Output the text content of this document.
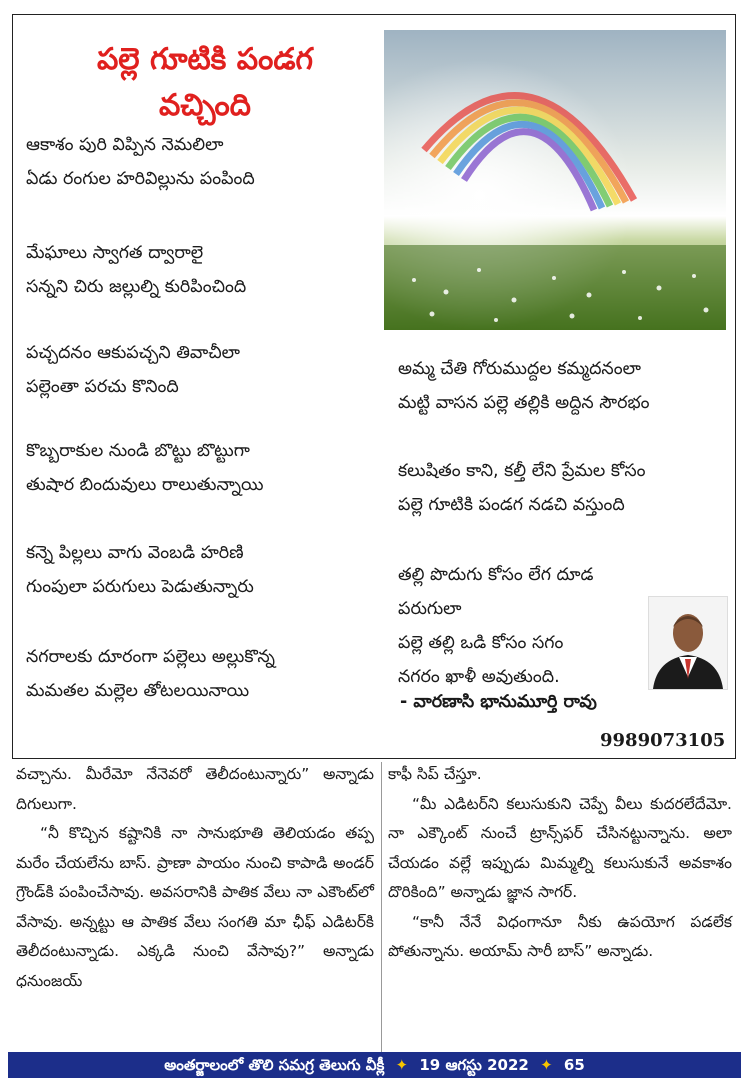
పల్లె గూటికి పండగ
వచ్చింది
ఆకాశం పురి విప్పిన నెమలిలా
ఏడు రంగుల హరివిల్లును పంపింది
మేఘాలు స్వాగత ద్వారాలై
సన్నని చిరు జల్లుల్ని కురిపించింది
పచ్చదనం ఆకుపచ్చని తివాచీలా
పల్లెంతా పరచు కొనింది
కొబ్బరాకుల నుండి బొట్టు బొట్టుగా
తుషార బిందువులు రాలుతున్నాయి
కన్నె పిల్లలు వాగు వెంబడి హరిణి
గుంపులా పరుగులు పెడుతున్నారు
నగరాలకు దూరంగా పల్లెలు అల్లుకొన్న
మమతల మల్లెల తోటలయినాయి
అమ్మ చేతి గోరుముద్దల కమ్మదనంలా
మట్టి వాసన పల్లె తల్లికి అద్దిన సౌరభం
కలుషితం కాని, కల్తీ లేని ప్రేమల కోసం
పల్లె గూటికి పండగ నడచి వస్తుంది
తల్లి పొదుగు కోసం లేగ దూడ
పరుగులా
పల్లె తల్లి ఒడి కోసం సగం
నగరం ఖాళీ అవుతుంది.
- వారణాసి భానుమూర్తి రావు
9989073105

వచ్చాను. మీరేమో నేనెవరో తెలీదంటున్నారు” అన్నాడు దిగులుగా.

“నీ కొచ్చిన కష్టానికి నా సానుభూతి తెలియడం తప్ప మరేం చేయలేను బాస్. ప్రాణా పాయం నుంచి కాపాడి అండర్ గ్రౌండ్‌కి పంపించేసావు. అవసరానికి పాతిక వేలు నా ఎకౌంట్‌లో వేసావు. అన్నట్టు ఆ పాతిక వేలు సంగతి మా ఛీఫ్ ఎడిటర్‌కి తెలీదంటున్నాడు. ఎక్కడి నుంచి వేసావు?” అన్నాడు ధనుంజయ్

కాఫీ సిప్ చేస్తూ.

“మీ ఎడిటర్‌ని కలుసుకుని చెప్పే వీలు కుదరలేదేమో. నా ఎక్కౌంట్ నుంచే ట్రాన్స్‌ఫర్ చేసినట్టున్నాను. అలా చేయడం వల్లే ఇప్పుడు మిమ్మల్ని కలుసుకునే అవకాశం దొరికింది” అన్నాడు జ్ఞాన సాగర్.

“కానీ నేనే విధంగానూ నీకు ఉపయోగ పడలేక పోతున్నాను. అయామ్ సారీ బాస్” అన్నాడు.

అంతర్జాలంలో తొలి సమగ్ర తెలుగు వీక్లీ ✦ 19 ఆగస్టు 2022 ✦ 65
